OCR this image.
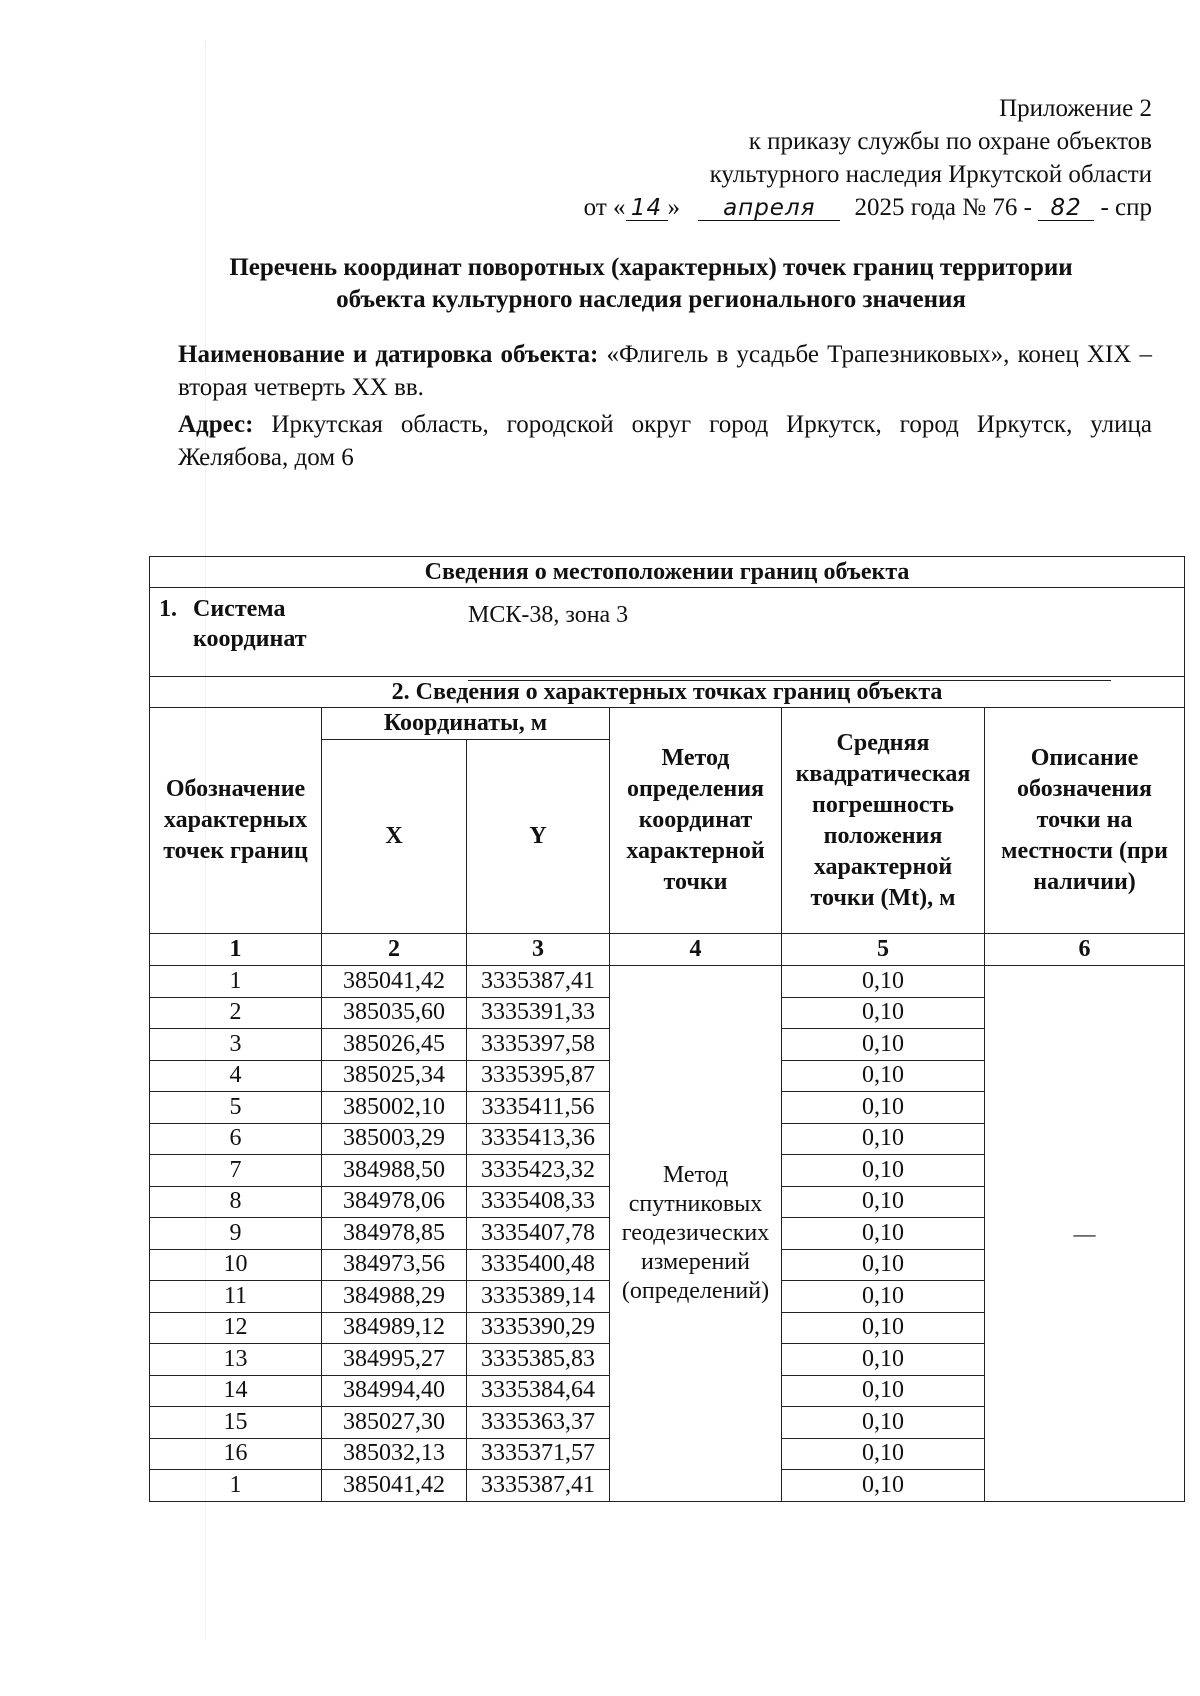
Приложение 2
к приказу службы по охране объектов
культурного наследия Иркутской области
от « 14 » апреля 2025 года № 76 - 82 - спр
Перечень координат поворотных (характерных) точек границ территории
объекта культурного наследия регионального значения

Наименование и датировка объекта: «Флигель в усадьбе Трапезниковых», конец XIX – вторая четверть XX вв.

Адрес: Иркутская область, городской округ город Иркутск, город Иркутск, улица Желябова, дом 6

Сведения о местоположении границ объекта					

1. Система
координат
МСК-38, зона 3					

2. Сведения о характерных точках границ объекта					
Обозначение характерных точек границ	Координаты, м		Метод определения координат характерной точки	Средняя квадратическая погрешность положения характерной точки (Mt), м	Описание обозначения точки на местности (при наличии)
	X	Y			
1	2	3	4	5	6
1	385041,42	3335387,41	Метод спутниковых геодезических измерений (определений)	0,10	—
2	385035,60	3335391,33		0,10	
3	385026,45	3335397,58		0,10	
4	385025,34	3335395,87		0,10	
5	385002,10	3335411,56		0,10	
6	385003,29	3335413,36		0,10	
7	384988,50	3335423,32		0,10	
8	384978,06	3335408,33		0,10	
9	384978,85	3335407,78		0,10	
10	384973,56	3335400,48		0,10	
11	384988,29	3335389,14		0,10	
12	384989,12	3335390,29		0,10	
13	384995,27	3335385,83		0,10	
14	384994,40	3335384,64		0,10	
15	385027,30	3335363,37		0,10	
16	385032,13	3335371,57		0,10	
1	385041,42	3335387,41		0,10	
